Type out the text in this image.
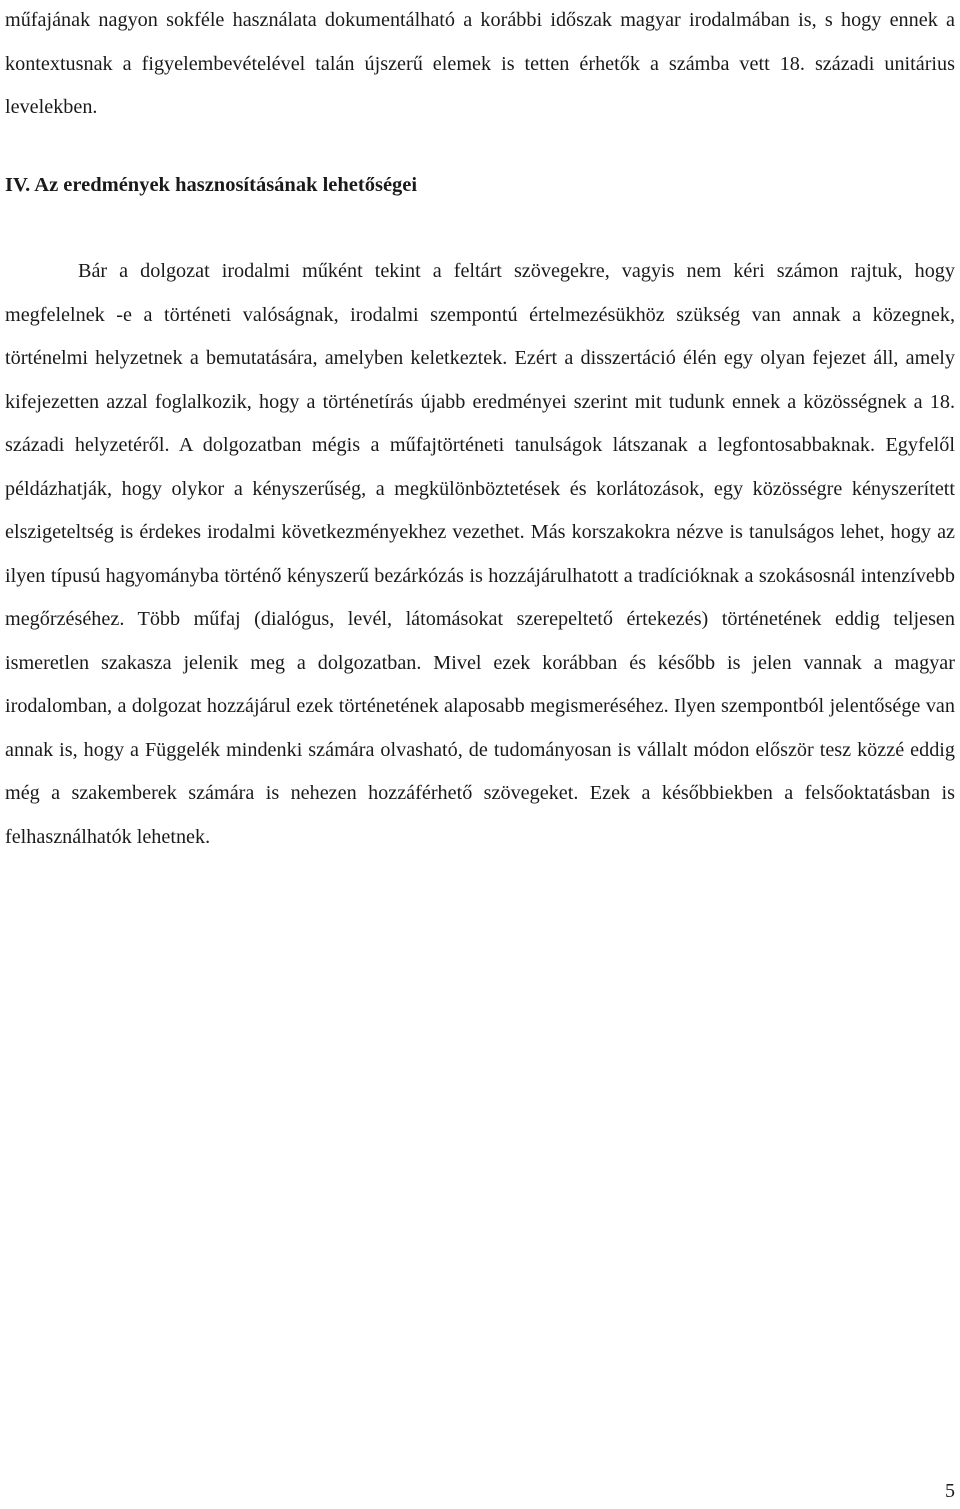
műfajának nagyon sokféle használata dokumentálható a korábbi időszak magyar irodalmában is, s hogy ennek a kontextusnak a figyelembevételével talán újszerű elemek is tetten érhetők a számba vett 18. századi unitárius levelekben.

IV. Az eredmények hasznosításának lehetőségei

Bár a dolgozat irodalmi műként tekint a feltárt szövegekre, vagyis nem kéri számon rajtuk, hogy megfelelnek -e a történeti valóságnak, irodalmi szempontú értelmezésükhöz szükség van annak a közegnek, történelmi helyzetnek a bemutatására, amelyben keletkeztek. Ezért a disszertáció élén egy olyan fejezet áll, amely kifejezetten azzal foglalkozik, hogy a történetírás újabb eredményei szerint mit tudunk ennek a közösségnek a 18. századi helyzetéről. A dolgozatban mégis a műfajtörténeti tanulságok látszanak a legfontosabbaknak. Egyfelől példázhatják, hogy olykor a kényszerűség, a megkülönböztetések és korlátozások, egy közösségre kényszerített elszigeteltség is érdekes irodalmi következményekhez vezethet. Más korszakokra nézve is tanulságos lehet, hogy az ilyen típusú hagyományba történő kényszerű bezárkózás is hozzájárulhatott a tradícióknak a szokásosnál intenzívebb megőrzéséhez. Több műfaj (dialógus, levél, látomásokat szerepeltető értekezés) történetének eddig teljesen ismeretlen szakasza jelenik meg a dolgozatban. Mivel ezek korábban és később is jelen vannak a magyar irodalomban, a dolgozat hozzájárul ezek történetének alaposabb megismeréséhez. Ilyen szempontból jelentősége van annak is, hogy a Függelék mindenki számára olvasható, de tudományosan is vállalt módon először tesz közzé eddig még a szakemberek számára is nehezen hozzáférhető szövegeket. Ezek a későbbiekben a felsőoktatásban is felhasználhatók lehetnek.

5
